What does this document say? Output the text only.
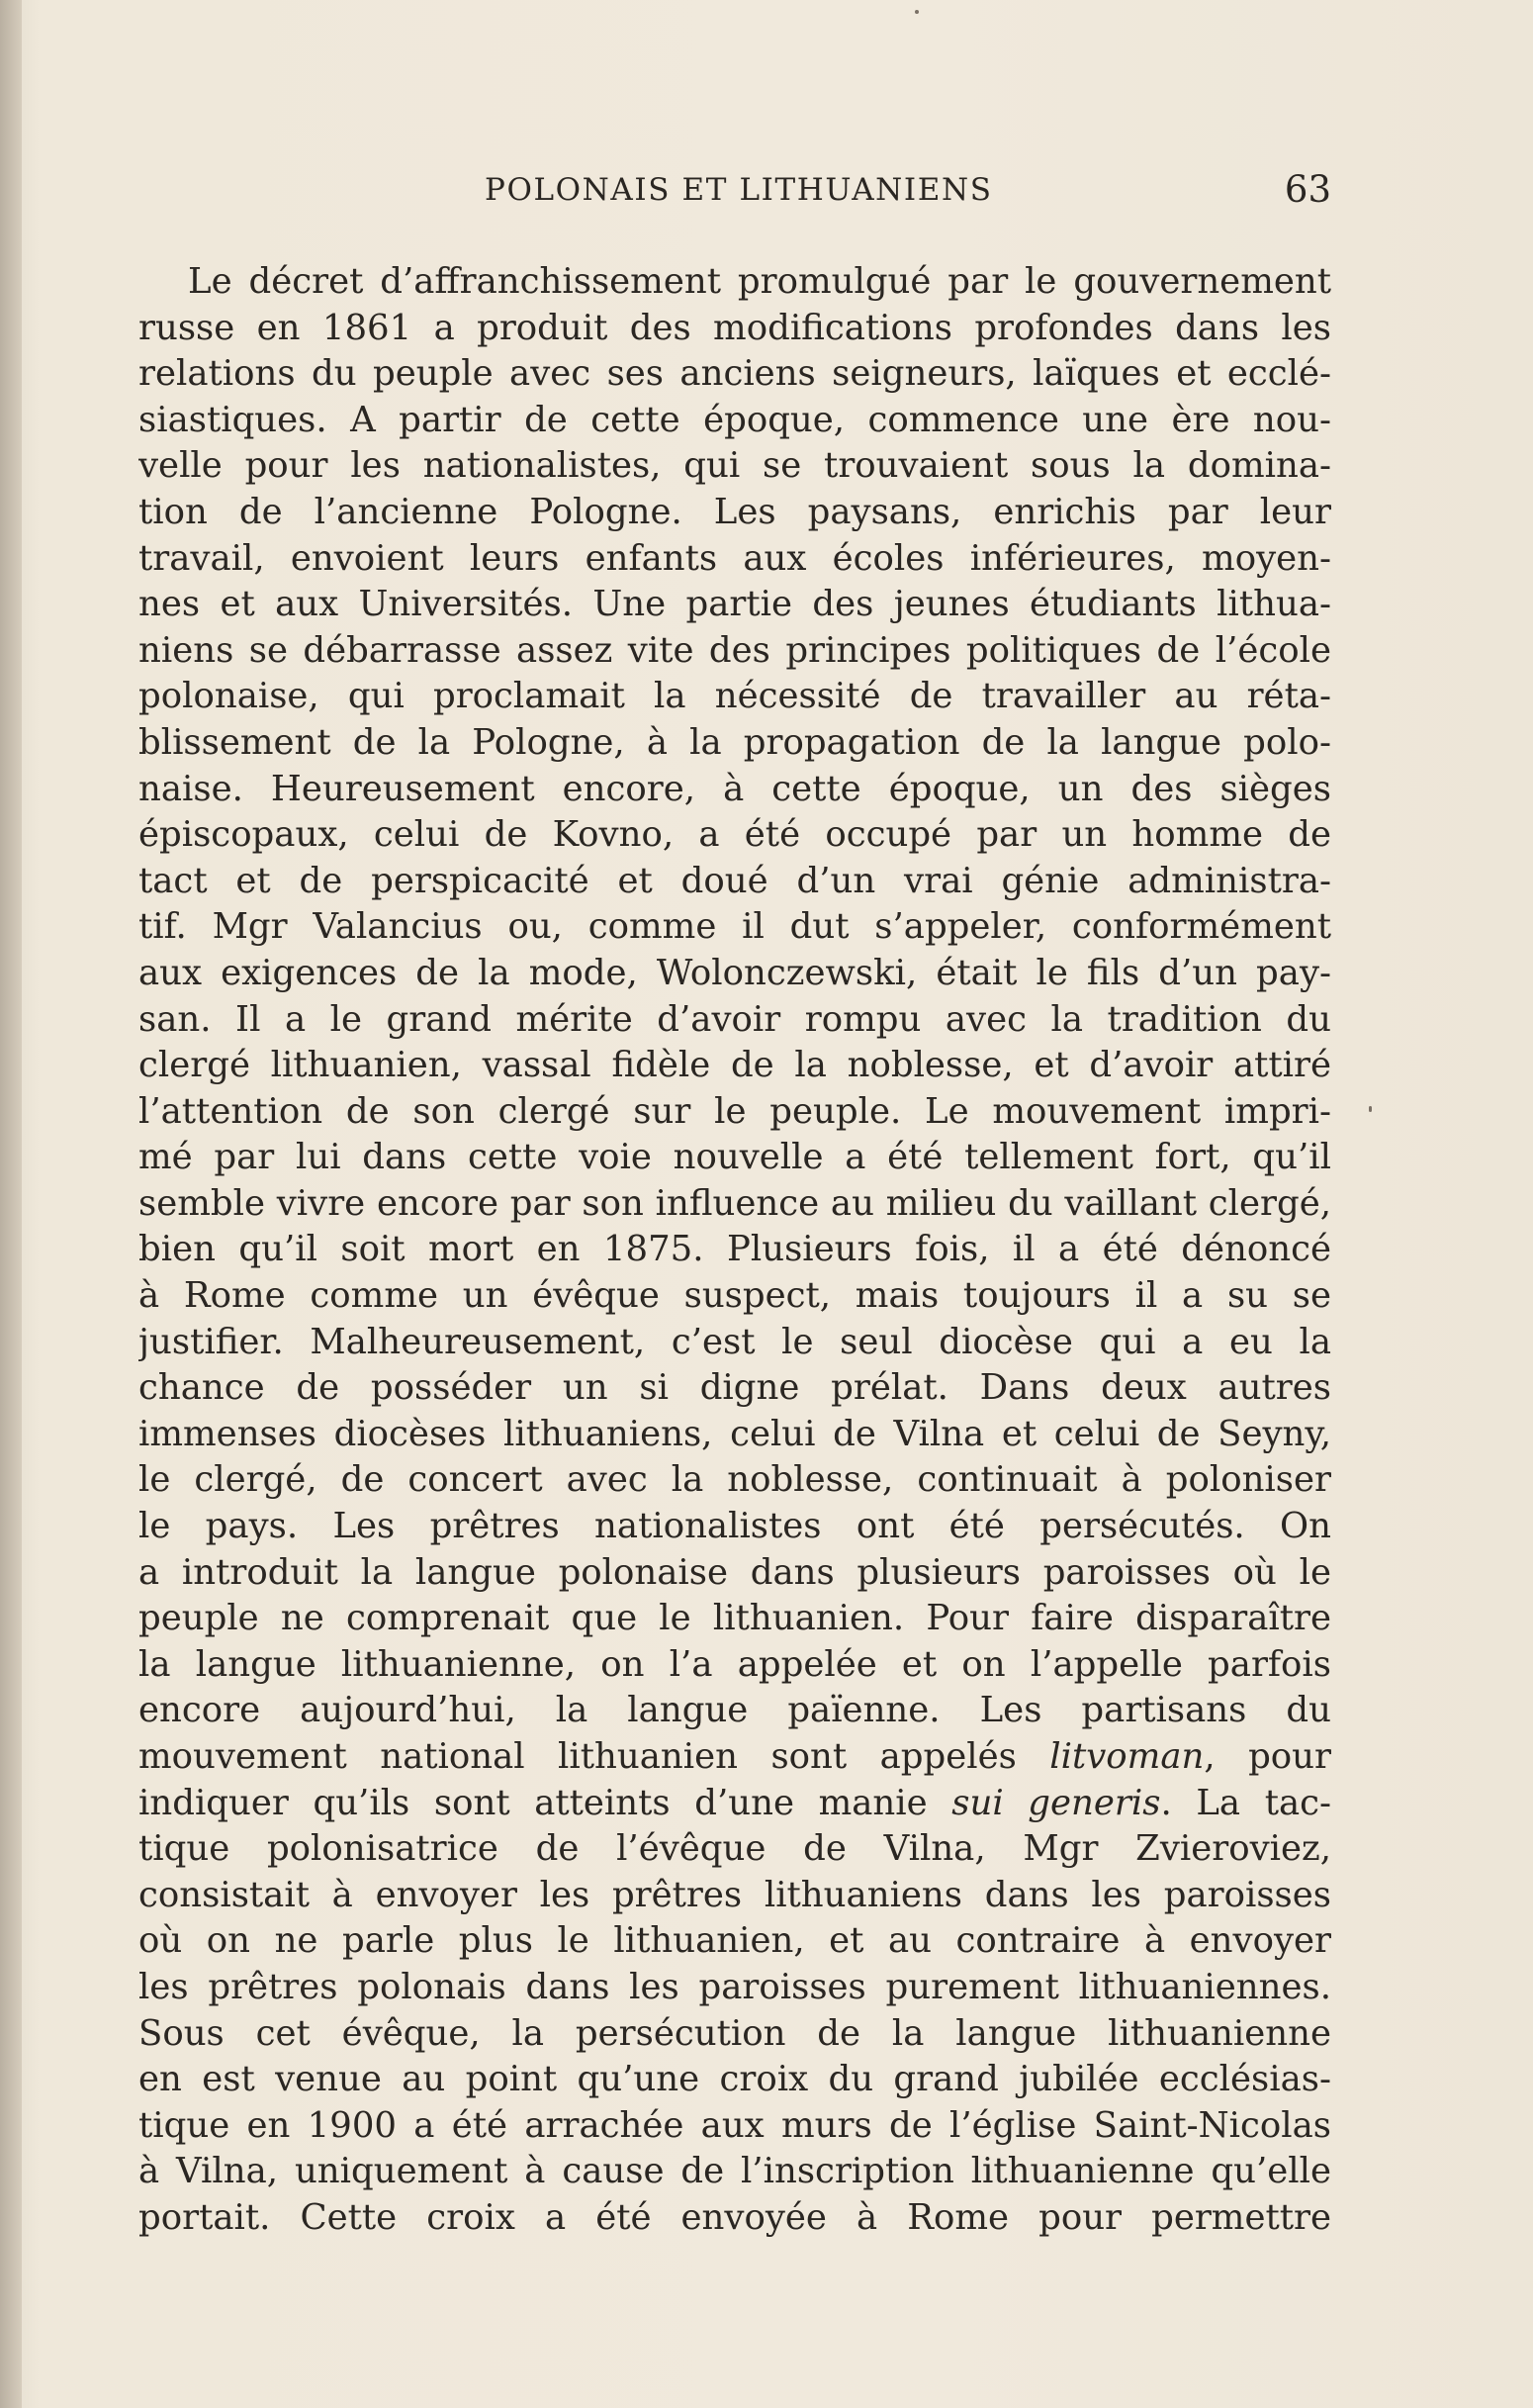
POLONAIS ET LITHUANIENS	63
Le décret d’affranchissement promulgué par le gouvernement
russe en 1861 a produit des modifications profondes dans les
relations du peuple avec ses anciens seigneurs, laïques et ecclé-
siastiques. A partir de cette époque, commence une ère nou-
velle pour les nationalistes, qui se trouvaient sous la domina-
tion de l’ancienne Pologne. Les paysans, enrichis par leur
travail, envoient leurs enfants aux écoles inférieures, moyen-
nes et aux Universités. Une partie des jeunes étudiants lithua-
niens se débarrasse assez vite des principes politiques de l’école
polonaise, qui proclamait la nécessité de travailler au réta-
blissement de la Pologne, à la propagation de la langue polo-
naise. Heureusement encore, à cette époque, un des sièges
épiscopaux, celui de Kovno, a été occupé par un homme de
tact et de perspicacité et doué d’un vrai génie administra-
tif. Mgr Valancius ou, comme il dut s’appeler, conformément
aux exigences de la mode, Wolonczewski, était le fils d’un pay-
san. Il a le grand mérite d’avoir rompu avec la tradition du
clergé lithuanien, vassal fidèle de la noblesse, et d’avoir attiré
l’attention de son clergé sur le peuple. Le mouvement impri-
mé par lui dans cette voie nouvelle a été tellement fort, qu’il
semble vivre encore par son influence au milieu du vaillant clergé,
bien qu’il soit mort en 1875. Plusieurs fois, il a été dénoncé
à Rome comme un évêque suspect, mais toujours il a su se
justifier. Malheureusement, c’est le seul diocèse qui a eu la
chance de posséder un si digne prélat. Dans deux autres
immenses diocèses lithuaniens, celui de Vilna et celui de Seyny,
le clergé, de concert avec la noblesse, continuait à poloniser
le pays. Les prêtres nationalistes ont été persécutés. On
a introduit la langue polonaise dans plusieurs paroisses où le
peuple ne comprenait que le lithuanien. Pour faire disparaître
la langue lithuanienne, on l’a appelée et on l’appelle parfois
encore aujourd’hui, la langue païenne. Les partisans du
mouvement national lithuanien sont appelés litvoman, pour
indiquer qu’ils sont atteints d’une manie sui generis. La tac-
tique polonisatrice de l’évêque de Vilna, Mgr Zvieroviez,
consistait à envoyer les prêtres lithuaniens dans les paroisses
où on ne parle plus le lithuanien, et au contraire à envoyer
les prêtres polonais dans les paroisses purement lithuaniennes.
Sous cet évêque, la persécution de la langue lithuanienne
en est venue au point qu’une croix du grand jubilée ecclésias-
tique en 1900 a été arrachée aux murs de l’église Saint-Nicolas
à Vilna, uniquement à cause de l’inscription lithuanienne qu’elle
portait. Cette croix a été envoyée à Rome pour permettre
